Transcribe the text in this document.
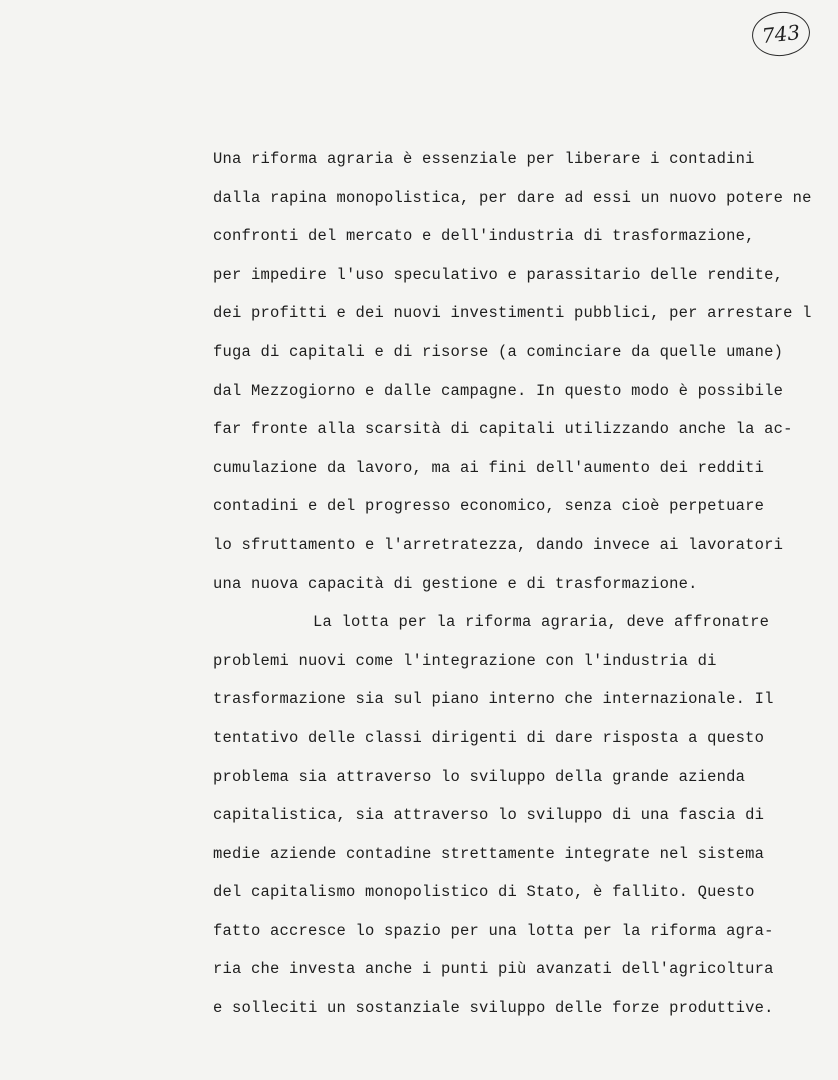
743
Una riforma agraria è essenziale per liberare i contadini
dalla rapina monopolistica, per dare ad essi un nuovo potere ne
confronti del mercato e dell'industria di trasformazione,
per impedire l'uso speculativo e parassitario delle rendite,
dei profitti e dei nuovi investimenti pubblici, per arrestare l
fuga di capitali e di risorse (a cominciare da quelle umane)
dal Mezzogiorno e dalle campagne. In questo modo è possibile
far fronte alla scarsità di capitali utilizzando anche la ac-
cumulazione da lavoro, ma ai fini dell'aumento dei redditi
contadini e del progresso economico, senza cioè perpetuare
lo sfruttamento e l'arretratezza, dando invece ai lavoratori
una nuova capacità di gestione e di trasformazione.
La lotta per la riforma agraria, deve affronatre
problemi nuovi come l'integrazione con l'industria di
trasformazione sia sul piano interno che internazionale. Il
tentativo delle classi dirigenti di dare risposta a questo
problema sia attraverso lo sviluppo della grande azienda
capitalistica, sia attraverso lo sviluppo di una fascia di
medie aziende contadine strettamente integrate nel sistema
del capitalismo monopolistico di Stato, è fallito. Questo
fatto accresce lo spazio per una lotta per la riforma agra-
ria che investa anche i punti più avanzati dell'agricoltura
e solleciti un sostanziale sviluppo delle forze produttive.
